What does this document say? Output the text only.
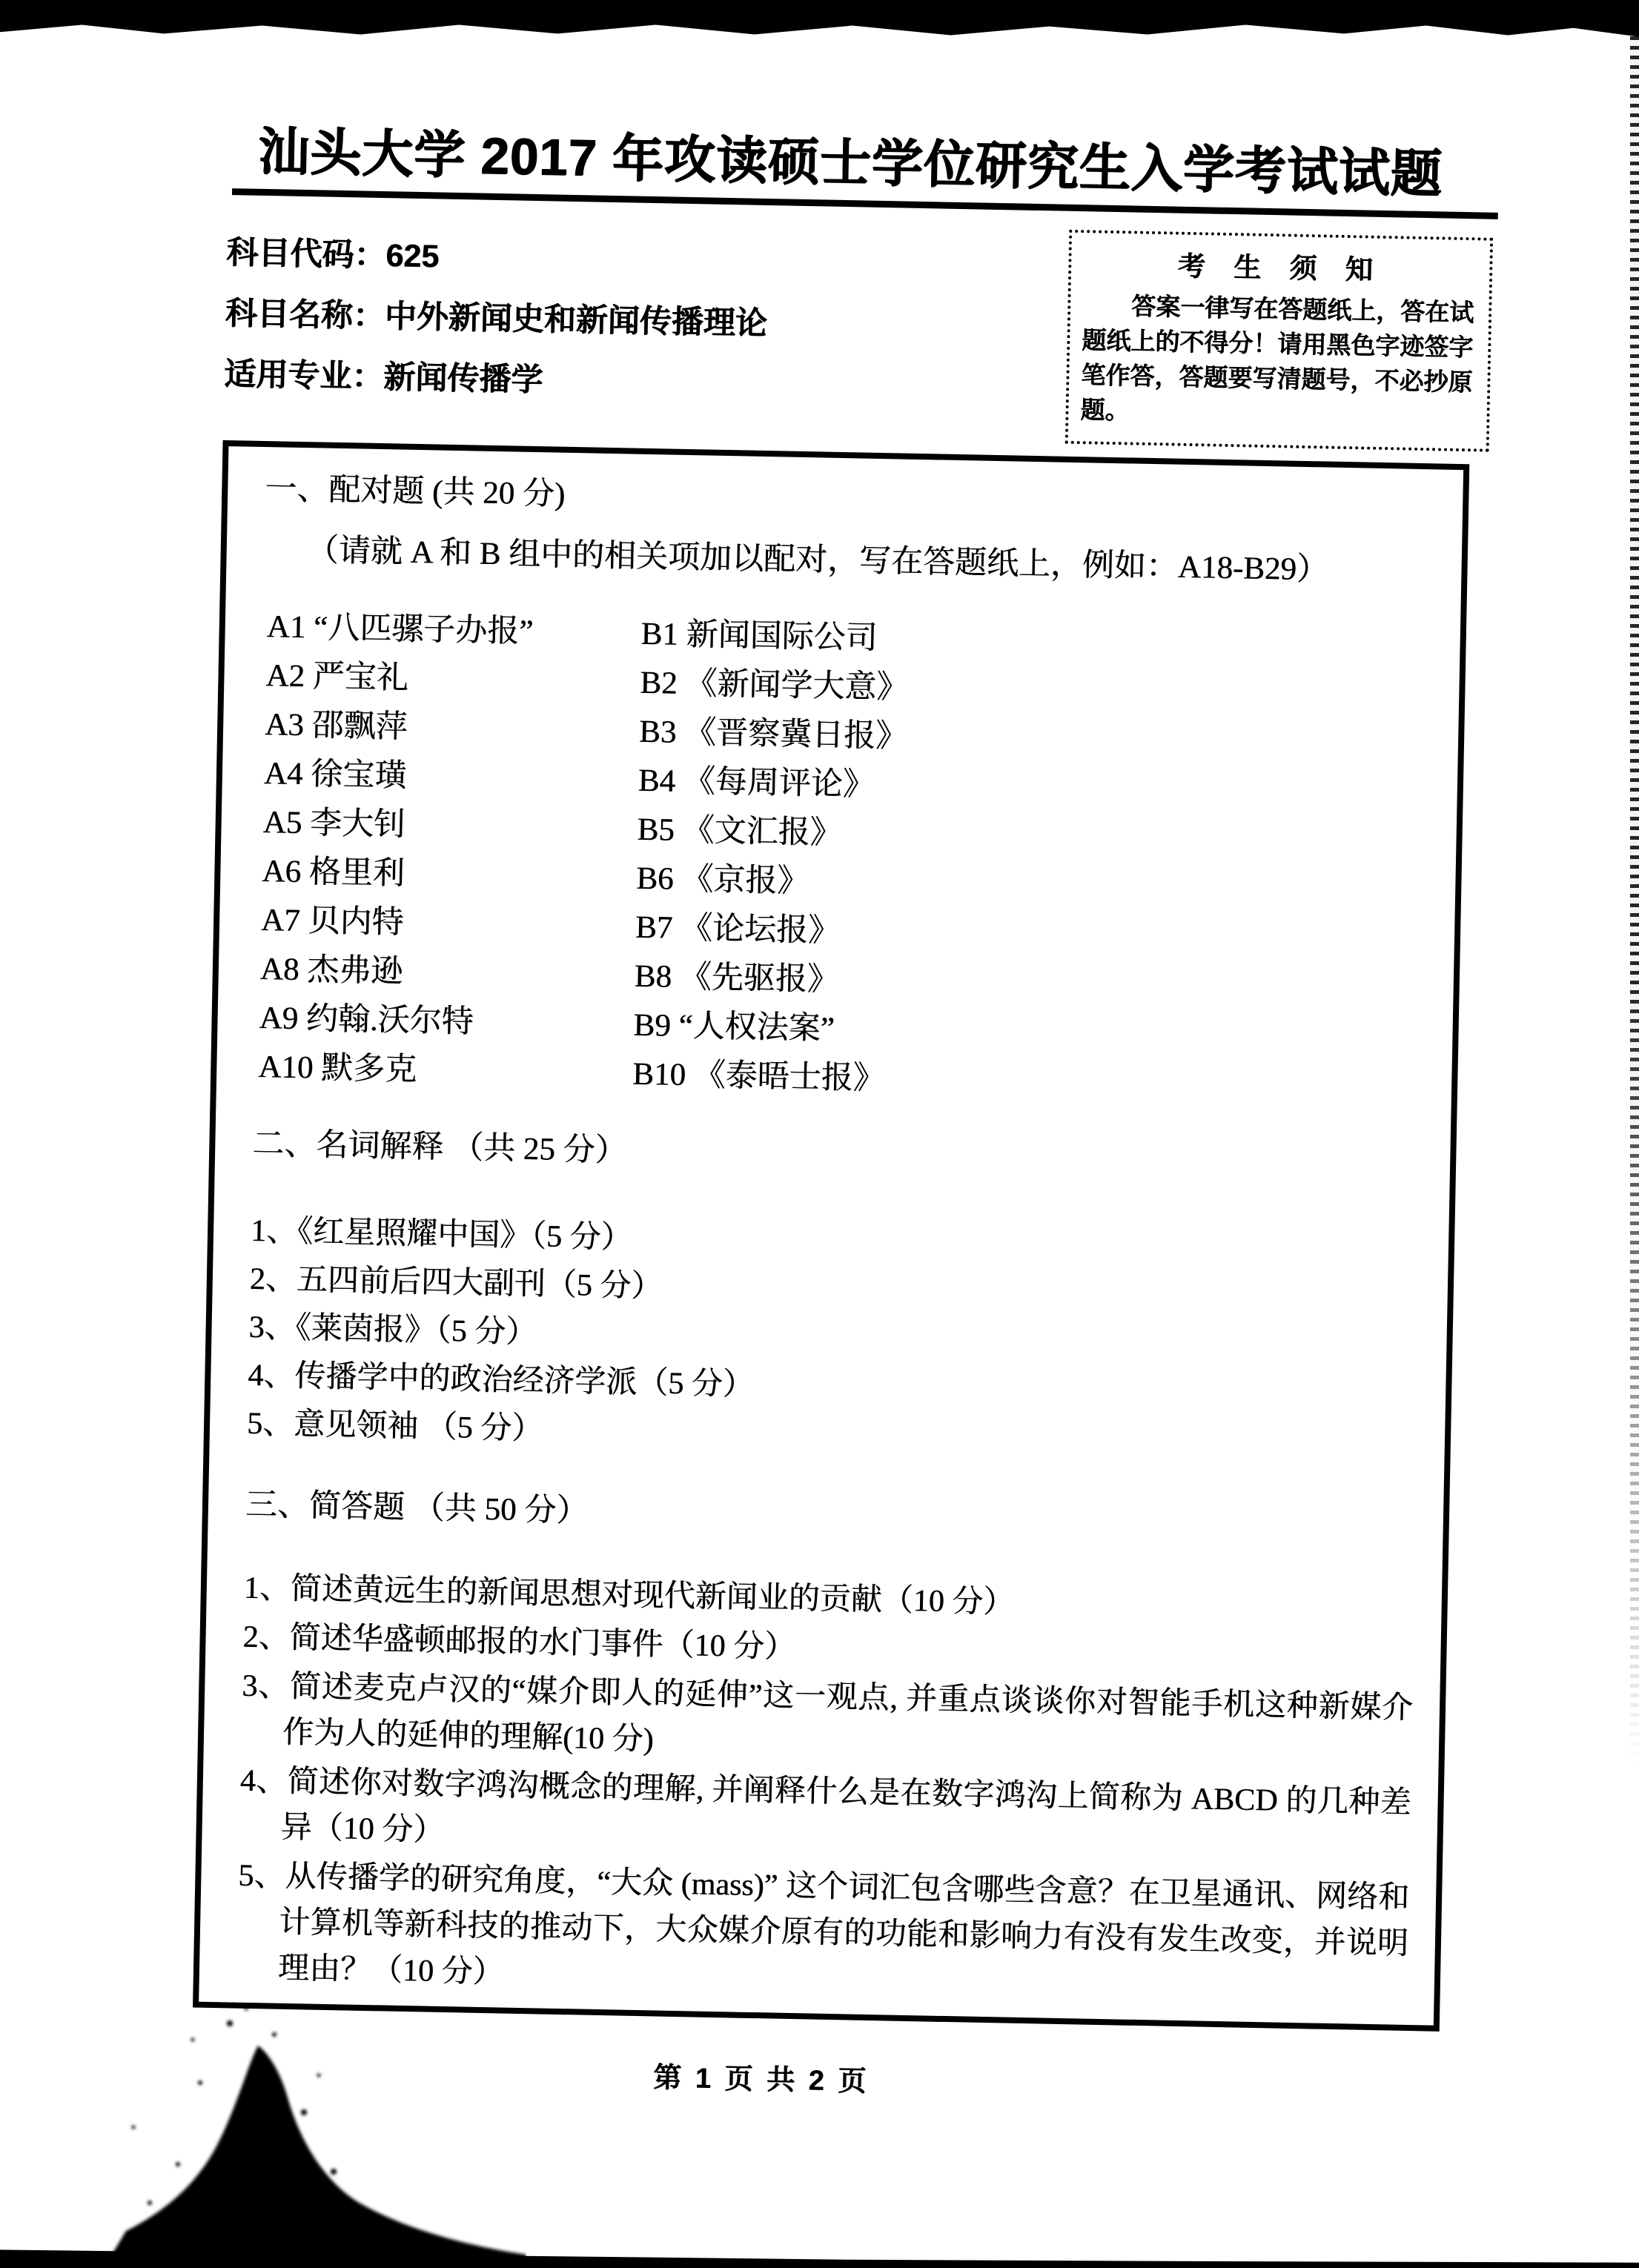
汕头大学 2017 年攻读硕士学位研究生入学考试试题
科目代码：625
科目名称：中外新闻史和新闻传播理论
适用专业：新闻传播学
考 生 须 知

答案一律写在答题纸上，答在试题纸上的不得分！请用黑色字迹签字笔作答，答题要写清题号，不必抄原题。

一、配对题 (共 20 分)
（请就 A 和 B 组中的相关项加以配对，写在答题纸上，例如：A18-B29）
A1 “八匹骡子办报”
A2 严宝礼
A3 邵飘萍
A4 徐宝璜
A5 李大钊
A6 格里利
A7 贝内特
A8 杰弗逊
A9 约翰.沃尔特
A10 默多克
B1 新闻国际公司
B2 《新闻学大意》
B3 《晋察冀日报》
B4 《每周评论》
B5 《文汇报》
B6 《京报》
B7 《论坛报》
B8 《先驱报》
B9 “人权法案”
B10 《泰晤士报》
二、名词解释 （共 25 分）
1、《红星照耀中国》（5 分）
2、五四前后四大副刊（5 分）
3、《莱茵报》（5 分）
4、传播学中的政治经济学派（5 分）
5、意见领袖 （5 分）
三、简答题 （共 50 分）
1、简述黄远生的新闻思想对现代新闻业的贡献（10 分）
2、简述华盛顿邮报的水门事件（10 分）
3、简述麦克卢汉的“媒介即人的延伸”这一观点, 并重点谈谈你对智能手机这种新媒介作为人的延伸的理解(10 分)
4、简述你对数字鸿沟概念的理解, 并阐释什么是在数字鸿沟上简称为 ABCD 的几种差异（10 分）
5、从传播学的研究角度，“大众 (mass)” 这个词汇包含哪些含意？在卫星通讯、网络和计算机等新科技的推动下，大众媒介原有的功能和影响力有没有发生改变，并说明理由？（10 分）
第 1 页 共 2 页
